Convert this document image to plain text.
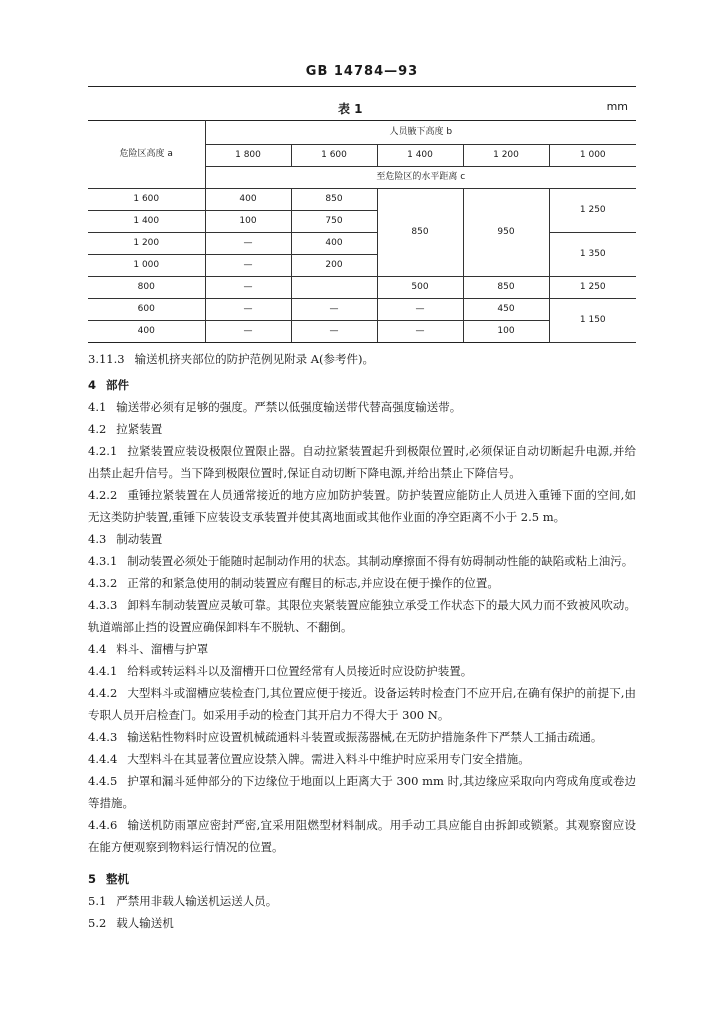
GB 14784—93
表 1	mm
危险区高度 a	人员腋下高度 b				
	1 800	1 600	1 400	1 200	1 000
	至危险区的水平距离 c				
1 600	400	850	850	950	1 250
1 400	100	750			
1 200	—	400			1 350
1 000	—	200			
800	—		500	850	1 250
600	—	—	—	450	1 150
400	—	—	—	100	

3.11.3 输送机挤夹部位的防护范例见附录 A(参考件)。

4 部件

4.1 输送带必须有足够的强度。严禁以低强度输送带代替高强度输送带。

4.2 拉紧装置

4.2.1 拉紧装置应装设极限位置限止器。自动拉紧装置起升到极限位置时,必须保证自动切断起升电源,并给出禁止起升信号。当下降到极限位置时,保证自动切断下降电源,并给出禁止下降信号。

4.2.2 重锤拉紧装置在人员通常接近的地方应加防护装置。防护装置应能防止人员进入重锤下面的空间,如无这类防护装置,重锤下应装设支承装置并使其离地面或其他作业面的净空距离不小于 2.5 m。

4.3 制动装置

4.3.1 制动装置必须处于能随时起制动作用的状态。其制动摩擦面不得有妨碍制动性能的缺陷或粘上油污。

4.3.2 正常的和紧急使用的制动装置应有醒目的标志,并应设在便于操作的位置。

4.3.3 卸料车制动装置应灵敏可靠。其限位夹紧装置应能独立承受工作状态下的最大风力而不致被风吹动。轨道端部止挡的设置应确保卸料车不脱轨、不翻倒。

4.4 料斗、溜槽与护罩

4.4.1 给料或转运料斗以及溜槽开口位置经常有人员接近时应设防护装置。

4.4.2 大型料斗或溜槽应装检查门,其位置应便于接近。设备运转时检查门不应开启,在确有保护的前提下,由专职人员开启检查门。如采用手动的检查门其开启力不得大于 300 N。

4.4.3 输送粘性物料时应设置机械疏通料斗装置或振荡器械,在无防护措施条件下严禁人工捅击疏通。

4.4.4 大型料斗在其显著位置应设禁入牌。需进入料斗中维护时应采用专门安全措施。

4.4.5 护罩和漏斗延伸部分的下边缘位于地面以上距离大于 300 mm 时,其边缘应采取向内弯成角度或卷边等措施。

4.4.6 输送机防雨罩应密封严密,宜采用阻燃型材料制成。用手动工具应能自由拆卸或锁紧。其观察窗应设在能方便观察到物料运行情况的位置。

5 整机

5.1 严禁用非载人输送机运送人员。

5.2 载人输送机
